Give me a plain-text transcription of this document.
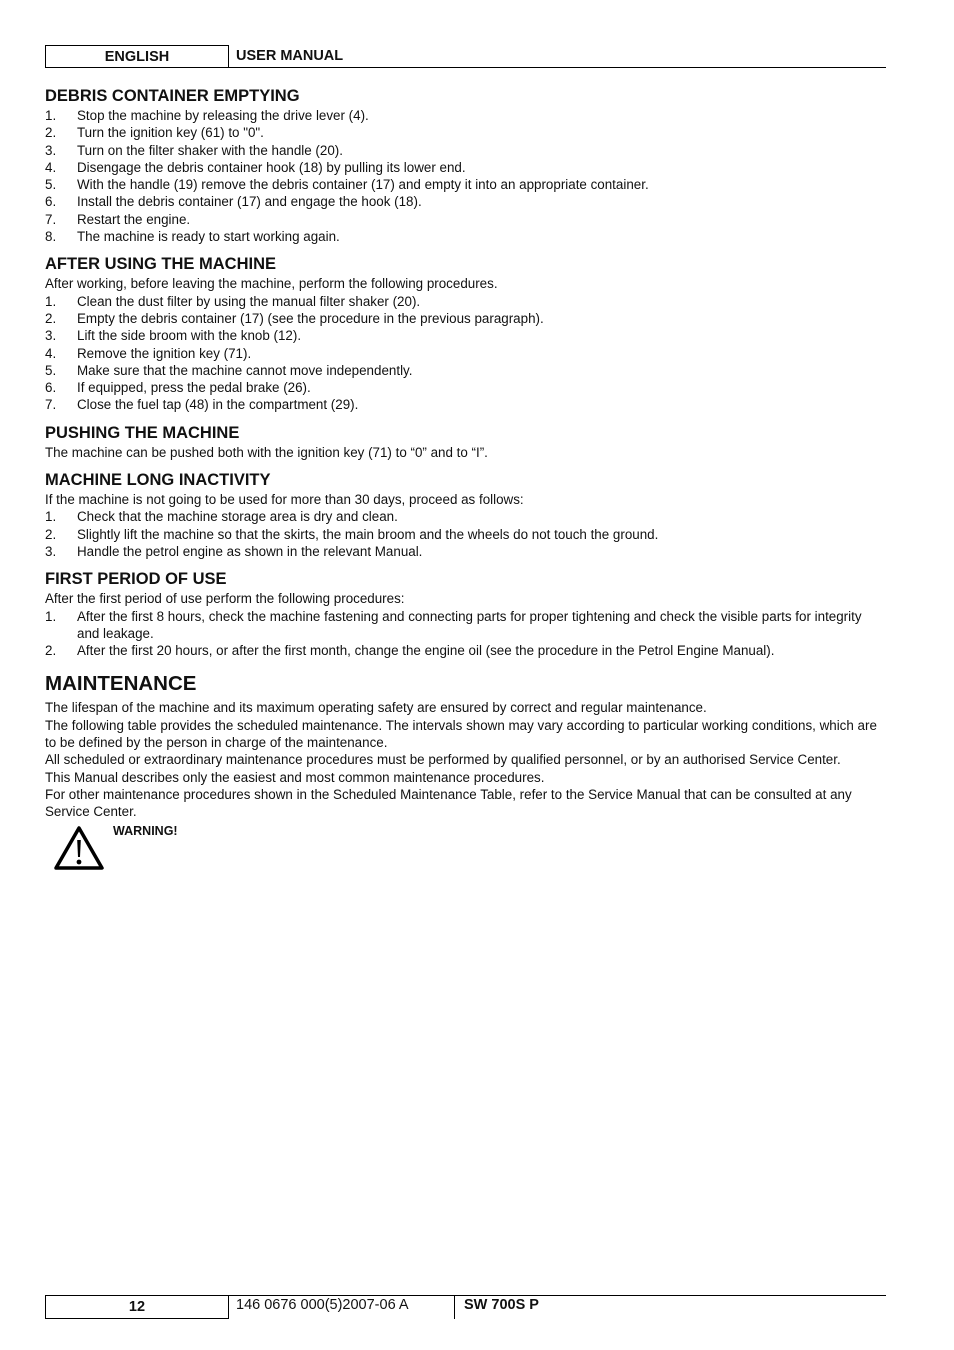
ENGLISH	USER MANUAL
DEBRIS CONTAINER EMPTYING
1. Stop the machine by releasing the drive lever (4).
2. Turn the ignition key (61) to "0".
3. Turn on the filter shaker with the handle (20).
4. Disengage the debris container hook (18) by pulling its lower end.
5. With the handle (19) remove the debris container (17) and empty it into an appropriate container.
6. Install the debris container (17) and engage the hook (18).
7. Restart the engine.
8. The machine is ready to start working again.
AFTER USING THE MACHINE

After working, before leaving the machine, perform the following procedures.

1. Clean the dust filter by using the manual filter shaker (20).
2. Empty the debris container (17) (see the procedure in the previous paragraph).
3. Lift the side broom with the knob (12).
4. Remove the ignition key (71).
5. Make sure that the machine cannot move independently.
6. If equipped, press the pedal brake (26).
7. Close the fuel tap (48) in the compartment (29).
PUSHING THE MACHINE

The machine can be pushed both with the ignition key (71) to “0” and to “I”.

MACHINE LONG INACTIVITY

If the machine is not going to be used for more than 30 days, proceed as follows:

1. Check that the machine storage area is dry and clean.
2. Slightly lift the machine so that the skirts, the main broom and the wheels do not touch the ground.
3. Handle the petrol engine as shown in the relevant Manual.
FIRST PERIOD OF USE

After the first period of use perform the following procedures:

1. After the first 8 hours, check the machine fastening and connecting parts for proper tightening and check the visible parts for integrity and leakage.
2. After the first 20 hours, or after the first month, change the engine oil (see the procedure in the Petrol Engine Manual).
MAINTENANCE

The lifespan of the machine and its maximum operating safety are ensured by correct and regular maintenance.

The following table provides the scheduled maintenance. The intervals shown may vary according to particular working conditions, which are to be defined by the person in charge of the maintenance.

All scheduled or extraordinary maintenance procedures must be performed by qualified personnel, or by an authorised Service Center.

This Manual describes only the easiest and most common maintenance procedures.

For other maintenance procedures shown in the Scheduled Maintenance Table, refer to the Service Manual that can be consulted at any Service Center.

WARNING!
12	146 0676 000(5)2007-06 A	SW 700S P
